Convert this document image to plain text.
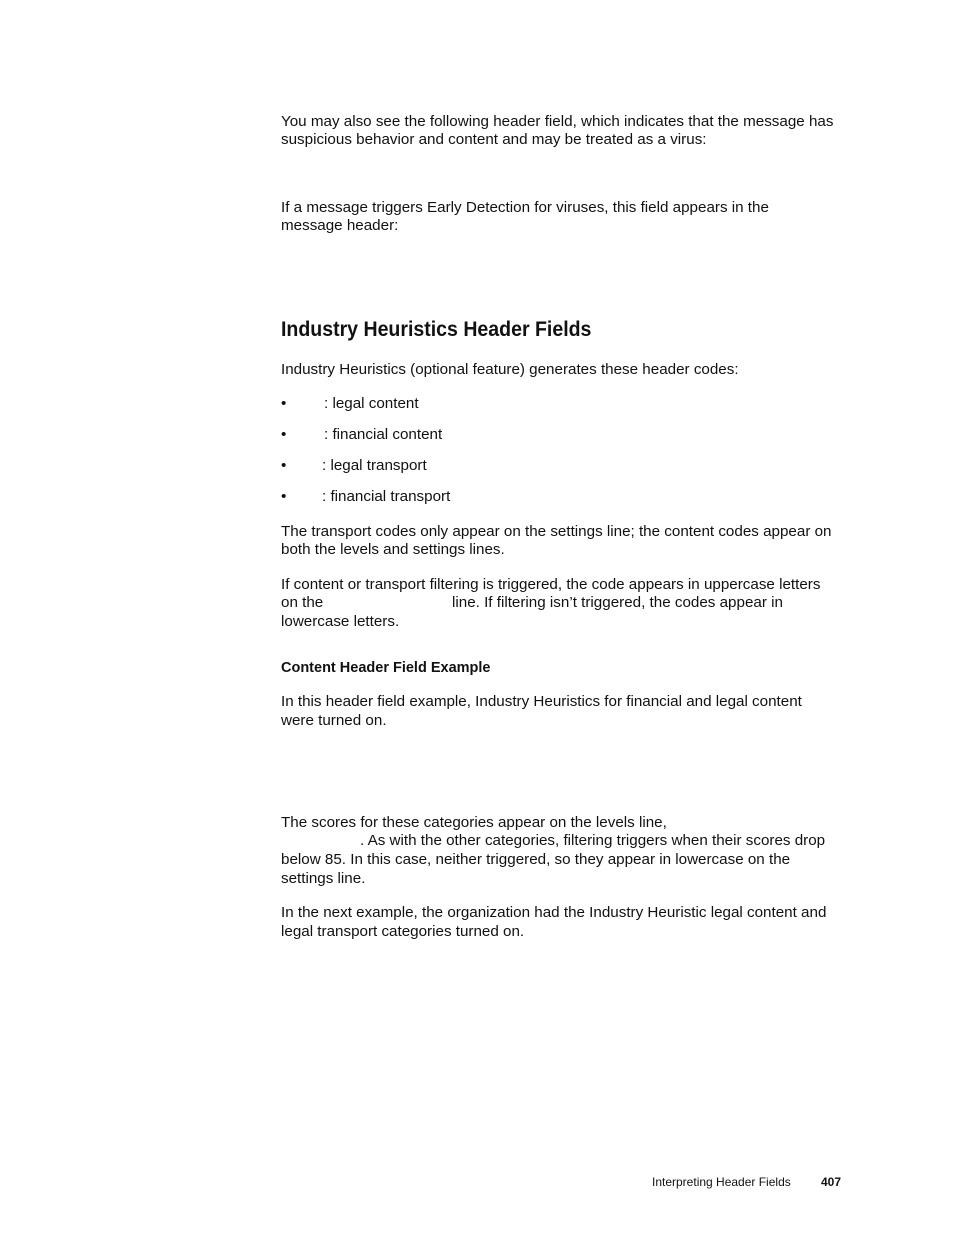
You may also see the following header field, which indicates that the message has
suspicious behavior and content and may be treated as a virus:
If a message triggers Early Detection for viruses, this field appears in the
message header:
Industry Heuristics Header Fields
Industry Heuristics (optional feature) generates these header codes:
• : legal content
• : financial content
• : legal transport
• : financial transport
The transport codes only appear on the settings line; the content codes appear on
both the levels and settings lines.
If content or transport filtering is triggered, the code appears in uppercase letters
on the	line. If filtering isn’t triggered, the codes appear in
lowercase letters.
Content Header Field Example
In this header field example, Industry Heuristics for financial and legal content
were turned on.
The scores for these categories appear on the levels line,
. As with the other categories, filtering triggers when their scores drop
below 85. In this case, neither triggered, so they appear in lowercase on the
settings line.
In the next example, the organization had the Industry Heuristic legal content and
legal transport categories turned on.
Interpreting Header Fields	407
